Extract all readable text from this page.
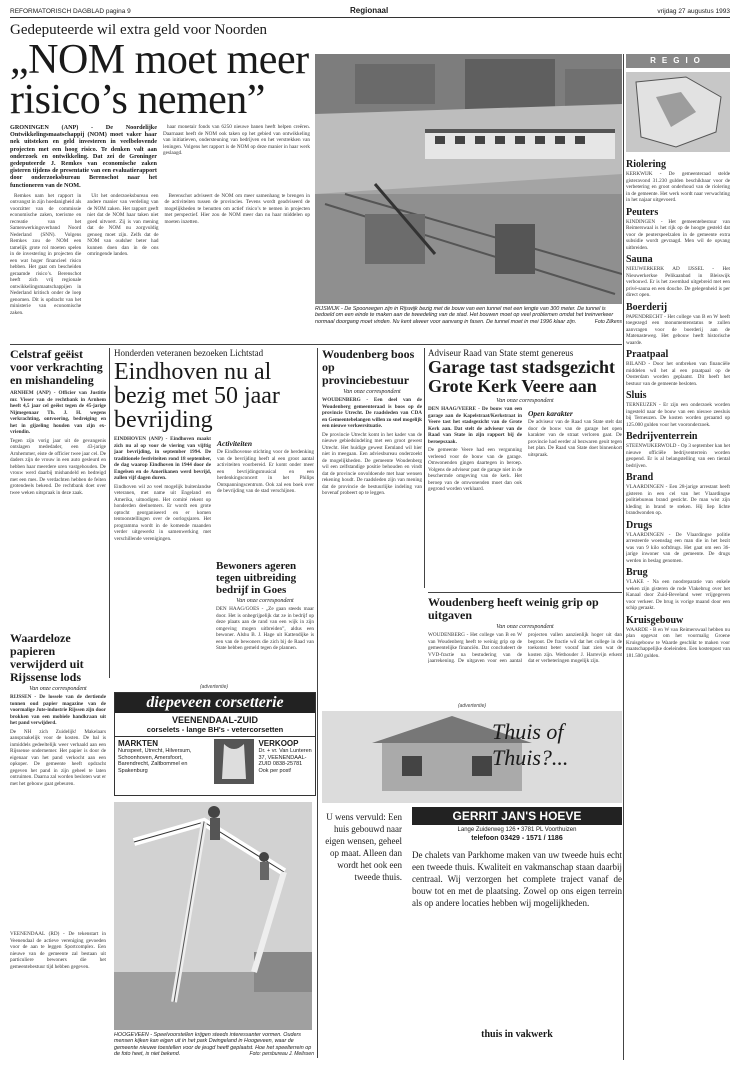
REFORMATORISCH DAGBLAD pagina 9	Regionaal	vrijdag 27 augustus 1993
Gedeputeerde wil extra geld voor Noorden
„NOM moet meer risico’s nemen”
GRONINGEN (ANP) - De Noordelijke Ontwikkelingsmaatschappij (NOM) moet vaker haar nek uitsteken en geld investeren in veelbelovende projecten met een hoog risico. Te denken valt aan onderzoek en ontwikkeling. Dat zei de Groninger gedeputeerde J. Remkes van economische zaken gisteren tijdens de presentatie van een evaluatierapport door onderzoeksbureau Berenschot naar het functioneren van de NOM.

haar monetair fonds van 6250 nieuwe banen heeft helpen creëren. Daarnaast heeft de NOM ook taken op het gebied van ontwikkeling van initiatieven, ondersteuning van bedrijven en het verstrekken van leningen. Volgens het rapport is de NOM op deze manier in haar werk geslaagd.

Remkes nam het rapport in ontvangst in zijn hoedanigheid als voorzitter van de commissie economische zaken, toerisme en recreatie van het Samenwerkingsverband Noord Nederland (SNN). Volgens Remkes zou de NOM een tamelijk grote rol moeten spelen in de investering in projecten die een wat hoger financieel risico hebben. Het gaat om bescheiden geraamde risico’s. Berenschot heeft zich vrij regionale ontwikkelingsmaatschappijen in Nederland kritisch onder de loep genomen. Dit is opdracht van het ministerie van economische zaken.

Uit het onderzoeksbureau een andere manier van verdeling van de NOM zaken. Het rapport geeft niet dat de NOM haar taken niet goed uitvoert. Zij is van mening dat de NOM nu zorgvuldig genoeg moet zijn. Zelfs dat de NOM van oudsher beter had kunnen doen dan in de ons omringende landen.

Berenschot adviseert de NOM om meer samenhang te brengen in de activiteiten tussen de provincies. Tevens wordt geadviseerd de mogelijkheden te benutten om actief risico’s te nemen in projecten met perspectief. Hier zou de NOM meer dan nu haar middelen op moeten inzetten.

RIJSWIJK - De Spoorwegen zijn in Rijswijk bezig met de bouw van een tunnel met een lengte van 300 meter. De tunnel is bedoeld om een einde te maken aan de tweedeling van de stad. Het bouwen moet op veel problemen omdat het treinverkeer normaal doorgang moet vinden. Nu kent alweer voor aanvang in fasen. De tunnel moet in mei 1996 klaar zijn.	Foto Zilkens
REGIO
Riolering
KERKWIJK - De gemeenteraad stelde gisteravond 31.230 gulden beschikbaar voor de verbetering en groot onderhoud van de riolering in de gemeente. Het werk wordt naar verwachting in het najaar uitgevoerd.
Peuters
KINDINGEN - Het gemeentebestuur van Reimerswaal is het rijk op de hoogte gesteld dat voor de peuterspeelzalen in de gemeente extra subsidie wordt gevraagd. Men wil de opvang uitbreiden.
Sauna
NIEUWERKERK AD IJSSEL - Het Nieuwerkerkse Pelikaanbad in Bleiswijk verbouwd. Er is het zwembad uitgebreid met een privé-sauna en een douche. De gelegenheid is per direct open.
Boerderij
PAPENDRECHT - Het college van B en W heeft toegezegd een monumentenstatus te zullen aanvragen voor de boerderij aan de Matenasteweg. Het gebouw heeft historische waarde.
Praatpaal
BILAND - Door het ontbreken van financiële middelen wil het al een praatpaal op de Oosterdam worden geplaatst. Dit heeft het bestuur van de gemeente besloten.
Sluis
TERNEUZEN - Er zijn een onderzoek worden ingesteld naar de bouw van een nieuwe zeesluis bij Terneuzen. De kosten worden geraamd op 125.000 gulden voor het vooronderzoek.
Bedrijventerrein
STEENWIJKERWOLD - Op 3 september kan het nieuwe officiële bedrijventerrein worden geopend. Er is al belangstelling van een tiental bedrijven.
Brand
VLAARDINGEN - Een 28-jarige arrestant heeft gisteren in een cel van het Vlaardingse politiebureau brand gesticht. De man wist zijn kleding in brand te steken. Hij liep lichte brandwonden op.
Drugs
VLAARDINGEN - De Vlaardingse politie arresteerde woensdag een man die in het bezit was van 9 kilo softdrugs. Het gaat om een 36-jarige inwoner van de gemeente. De drugs werden in beslag genomen.
Brug
VLAKE - Na een noodreparatie van enkele weken zijn gisteren de rode Vlakebrug over het Kanaal door Zuid-Beveland weer vrijgegeven voor verkeer. De brug is vorige maand door een schip geraakt.
Kruisgebouw
WAARDE - B en W van Reimerswaal hebben nu plan opgevat om het voormalig Groene Kruisgebouw te Waarde geschikt te maken voor maatschappelijke doeleinden. Een kostenpost van 181.500 gulden.
Celstraf geëist voor verkrachting en mishandeling
ARNHEM (ANP) - Officier van Justitie mr. Visser van de rechtbank in Arnhem heeft 4,5 jaar cel geëist tegen de 45-jarige Nijmegenaar Th. J. H. wegens verkrachting, ontvoering, bedreiging en het in gijzeling houden van zijn ex-vriendin.
Tegen zijn vorig jaar uit de gevangenis ontslagen mededader, een 43-jarige Arnhemmer, eiste de officier twee jaar cel. De daders zijn de vrouw in een auto gesleurd en hebben haar meerdere uren vastgehouden. De vrouw werd daarbij mishandeld en bedreigd met een mes. De verdachten hebben de feiten grotendeels bekend. De rechtbank doet over twee weken uitspraak in deze zaak.
Waardeloze papieren verwijderd uit Rijssense lods
Van onze correspondent
RIJSSEN - De lossele van de dertiende tonnen oud papier magazine van de voormalige Jute-industrie Rijssen zijn door brokken van een mobiele handkraan uit het pand verwijderd.
De NH zich Zuidelijk! Makelaars aanspraakelijk voor de kosten. De bal is inmiddels gedeeltelijk weer verhaald aan een Rijssense ondernemer. Het papier is door de eigenaar van het pand verkocht aan een opkoper. De gemeente heeft opdracht gegeven het pand in zijn geheel te laten ontruimen. Daarna zal worden besloten wat er met het gebouw gaat gebeuren.

VEENENDAAL (RD) - De tekenstart in Veenendaal de actieve vereniging gevoeden voor de aan te leggen Sportcomplex. Een nieuwe van de gemeente zal bestaan uit particuliere bewoners die het gemeentebestuur tijd hebben gegeven.

Honderden veteranen bezoeken Lichtstad
Eindhoven nu al bezig met 50 jaar bevrijding
EINDHOVEN (ANP) - Eindhoven maakt zich nu al op voor de viering van vijftig jaar bevrijding, in september 1994. De traditionele festiviteiten rond 18 september, de dag waarop Eindhoven in 1944 door de Engelsen en de Amerikanen werd bevrijd, zullen vijf dagen duren.
Eindhoven wil zo veel mogelijk buitenlandse veteranen, met name uit Engeland en Amerika, uitnodigen. Het comité rekent op honderden deelnemers. Er wordt een grote optocht georganiseerd en er komen tentoonstellingen over de oorlogsjaren. Het programma wordt in de komende maanden verder uitgewerkt in samenwerking met verschillende verenigingen.
Activiteiten
De Eindhovense stichting voor de herdenking van de bevrijding heeft al een groot aantal activiteiten voorbereid. Er komt onder meer een bevrijdingsmusical en een herdenkingsconcert in het Philips Ontspanningscentrum. Ook zal een boek over de bevrijding van de stad verschijnen.
Bewoners ageren tegen uitbreiding bedrijf in Goes
Van onze correspondent
DEN HAAG/GOES - „Ze gaan steeds maar door. Het is onbegrijpelijk dat ze in bedrijf op deze plaats aan de rand van een wijk in zijn omgeving mogen uitbreiden”, aldus een bewoner. Alshu B. J. Hage uit Kattendijke is een van de bewoners die zich bij de Raad van State hebben gemeld tegen de plannen.
(advertentie)
diepeveen corsetterie
VEENENDAAL-ZUID
corselets - lange BH's - vetercorsetten
MARKTEN
Nunspeet, Utrecht, Hilversum, Schoonhoven, Amersfoort, Barendrecht, Zaltbommel en Spakenburg
VERKOOP
Dr. + vr. Van Lunteren 37, VEENENDAAL-ZUID 0838-25781 Ook per post!
HOOGEVEEN - Speelvoorstellen krijgen steeds interessanter vormen. Ouders mensen kijken kan eigen uit in het park Dwingeland in Hoogeveen, waar de gemeente nieuwe toestellen voor de jeugd heeft geplaatst. Hoe het speelterrein op de foto heet, is niet bekend.	Foto: persbureau J. Meilssen
Woudenberg boos op provinciebestuur
Van onze correspondent
WOUDENBERG - Een deel van de Woudenberg gemeenteraad is boos op de provincie Utrecht. De raadsleden van CDA en Gemeentebelangen willen zo snel mogelijk een nieuwe verkeersituatie.
De provincie Utrecht komt in het kader van de nieuwe gebiedsindeling met een groot gewest Utrecht. Het huidige gewest Eemland wil hier niet in meegaan. Een adviesbureau onderzoekt de mogelijkheden. De gemeente Woudenberg wil een zelfstandige positie behouden en vindt dat de provincie onvoldoende met haar wensen rekening houdt. De raadsleden zijn van mening dat de provincie de bestuurlijke indeling van bovenaf probeert op te leggen.
Adviseur Raad van State stemt genereus
Garage tast stadsgezicht Grote Kerk Veere aan
Van onze correspondent
DEN HAAG/VEERE - De bouw van een garage aan de Kapelstraat/Kerkstraat in Veere tast het stadsgezicht van de Grote Kerk aan. Dat stelt de adviseur van de Raad van State in zijn rapport bij de beroepszaak.
De gemeente Veere had een vergunning verleend voor de bouw van de garage. Omwonenden gingen daartegen in beroep. Volgens de adviseur past de garage niet in de beschermde omgeving van de kerk. Het beroep van de omwonenden moet dan ook gegrond worden verklaard.
Open karakter
De adviseur van de Raad van State stelt dat door de bouw van de garage het open karakter van de straat verloren gaat. De provincie had eerder al bezwaren geuit tegen het plan. De Raad van State doet binnenkort uitspraak.
Woudenberg heeft weinig grip op uitgaven
Van onze correspondent
WOUDENBERG - Het college van B en W van Woudenberg heeft te weinig grip op de gemeentelijke financiën. Dat concludeert de VVD-fractie na bestudering van de jaarrekening. De uitgaven voor een aantal projecten vallen aanzienlijk hoger uit dan begroot. De fractie wil dat het college in de toekomst beter vooraf laat zien wat de kosten zijn. Wethouder J. Harrevijn erkent dat er verbeteringen mogelijk zijn.
(advertentie)
Thuis of Thuis?...
U wens vervuld: Een huis gebouwd naar eigen wensen, geheel op maat. Alleen dan wordt het ook een tweede thuis.
GERRIT JAN'S HOEVE
Lange Zuiderweg 126 • 3781 PL Voorthuizen
telefoon 03429 - 1571 / 1186
De chalets van Parkhome maken van uw tweede huis echt een tweede thuis. Kwaliteit en vakmanschap staan daarbij centraal. Wij verzorgen het complete traject vanaf de bouw tot en met de plaatsing. Zowel op ons eigen terrein als op andere locaties hebben wij mogelijkheden.
thuis in vakwerk
